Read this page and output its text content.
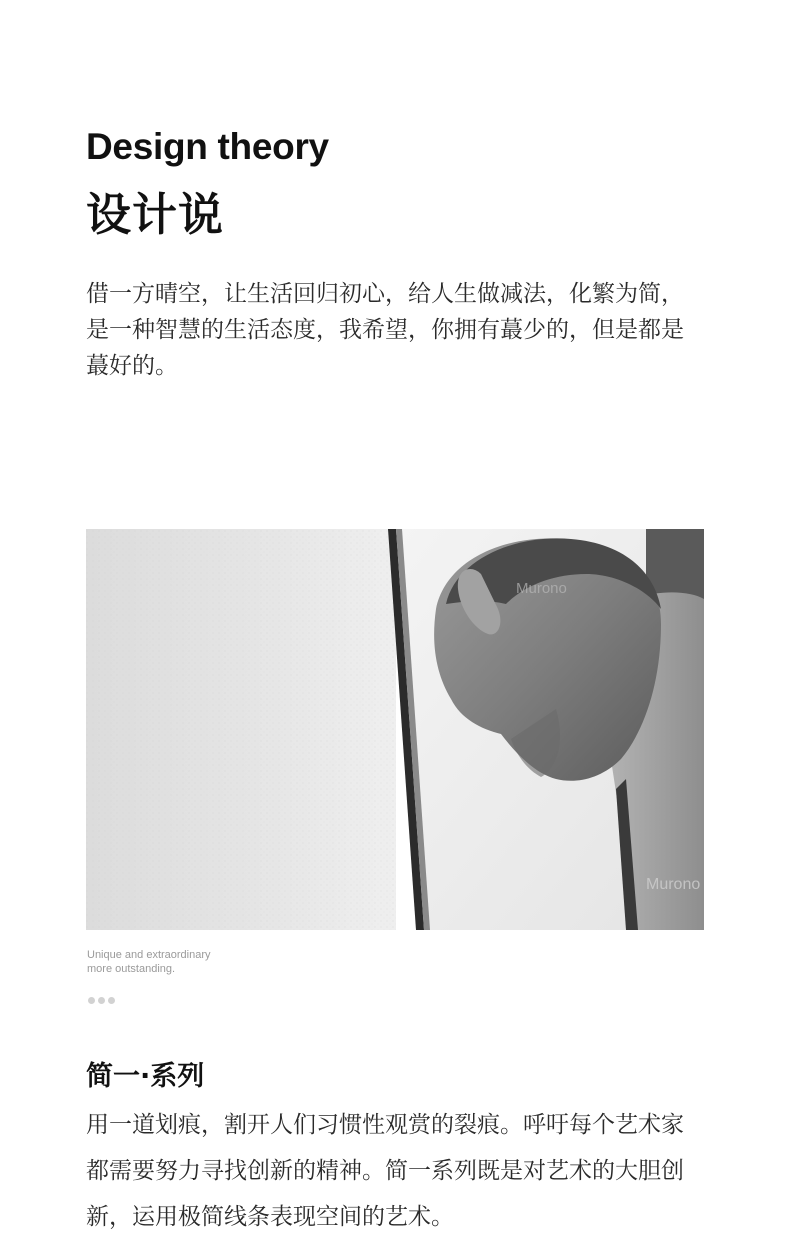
Design theory
设计说

借一方晴空，让生活回归初心，给人生做减法，化繁为简，是一种智慧的生活态度，我希望，你拥有蕞少的，但是都是蕞好的。

Murono
Murono
Unique and extraordinary
more outstanding.
简一·系列

用一道划痕，割开人们习惯性观赏的裂痕。呼吁每个艺术家都需要努力寻找创新的精神。简一系列既是对艺术的大胆创新，运用极简线条表现空间的艺术。
